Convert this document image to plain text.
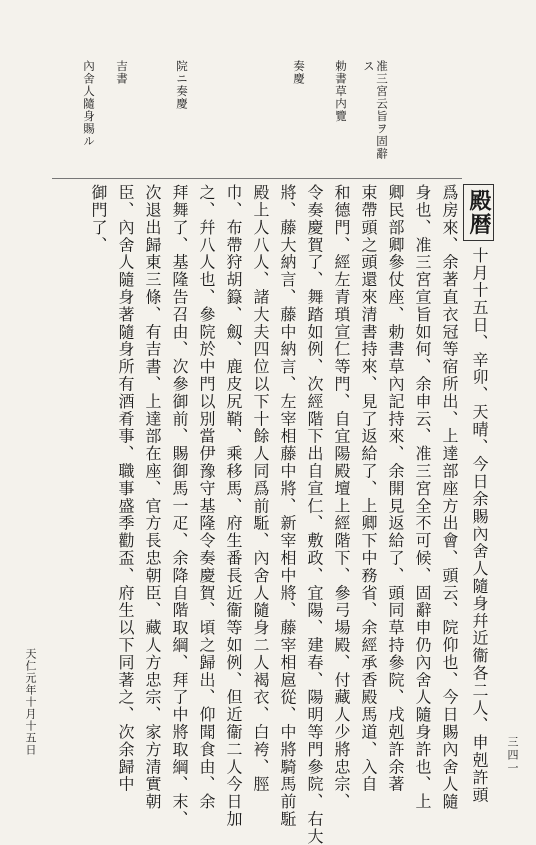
天仁元年十月十五日	三四一
准三宮云旨ヲ固辭ス
勅書草内覽
奏慶
院ニ奏慶
吉書
內舍人隨身賜ル
殿暦十月十五日、辛卯、天晴、今日余賜內舍人隨身幷近衞各二人、申剋許頭
爲房來、余著直衣冠等宿所出、上達部座方出會、頭云、院仰也、今日賜內舍人隨
身也、准三宮宣旨如何、余申云、准三宮全不可候、固辭申仍內舍人隨身許也、上
卿民部卿參仗座、勅書草內記持來、余開見返給了、頭同草持參院、戌剋許余著
束帶頭之頭還來清書持來、見了返給了、上卿下中務省、余經承香殿馬道、入自
和德門、經左青瑣宣仁等門、自宜陽殿壇上經階下、參弓場殿、付藏人少將忠宗、
令奏慶賀了、舞踏如例、次經階下出自宣仁、敷政、宜陽、建春、陽明等門參院、右大
將、藤大納言、藤中納言、左宰相藤中將、新宰相中將、藤宰相扈從、中將騎馬前駈
殿上人八人、諸大夫四位以下十餘人同爲前駈、內舍人隨身二人褐衣、白袴、脛
巾、布帶狩胡籙、劔、鹿皮尻鞘、乘移馬、府生番長近衞等如例、但近衞二人今日加
之、幷八人也、參院於中門以別當伊豫守基隆令奏慶賀、頃之歸出、仰聞食由、余
拜舞了、基隆告召由、次參御前、賜御馬一疋、余降自階取綱、拜了中將取綱、末、
次退出歸東三條、有吉書、上達部在座、官方長忠朝臣、藏人方忠宗、家方清實朝
臣、內舍人隨身著隨身所有酒肴事、職事盛季勸盃、府生以下同著之、次余歸中
御門了、
